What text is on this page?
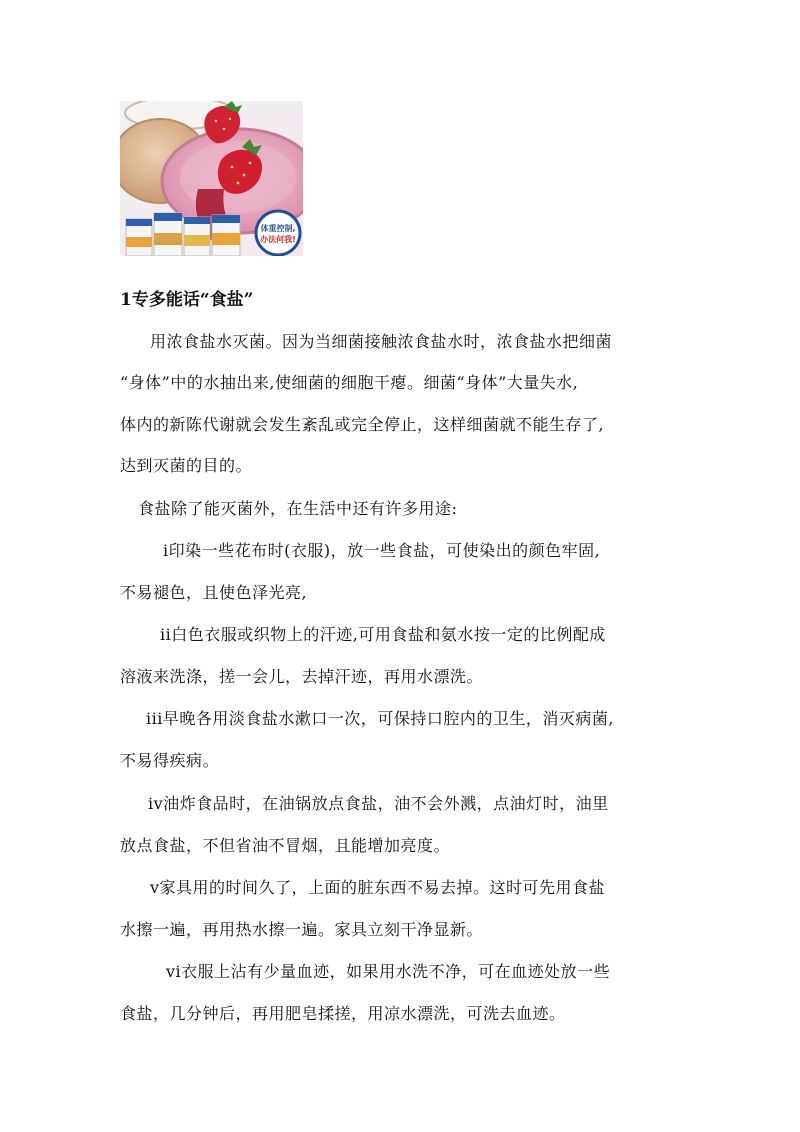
体重控制,
办法何我!
1专多能话“食盐”

用浓食盐水灭菌。因为当细菌接触浓食盐水时，浓食盐水把细菌

“身体”中的水抽出来,使细菌的细胞干瘪。细菌“身体”大量失水,

体内的新陈代谢就会发生紊乱或完全停止，这样细菌就不能生存了,

达到灭菌的目的。

食盐除了能灭菌外，在生活中还有许多用途:

i印染一些花布时(衣服)，放一些食盐，可使染出的颜色牢固,

不易褪色，且使色泽光亮,

ii白色衣服或织物上的汗迹,可用食盐和氨水按一定的比例配成

溶液来洗涤，搓一会儿，去掉汗迹，再用水漂洗。

iii早晚各用淡食盐水漱口一次，可保持口腔内的卫生，消灭病菌,

不易得疾病。

iv油炸食品时，在油锅放点食盐，油不会外溅，点油灯时，油里

放点食盐，不但省油不冒烟，且能增加亮度。

v家具用的时间久了，上面的脏东西不易去掉。这时可先用食盐

水擦一遍，再用热水擦一遍。家具立刻干净显新。

vi衣服上沾有少量血迹，如果用水洗不净，可在血迹处放一些

食盐，几分钟后，再用肥皂揉搓，用凉水漂洗，可洗去血迹。
